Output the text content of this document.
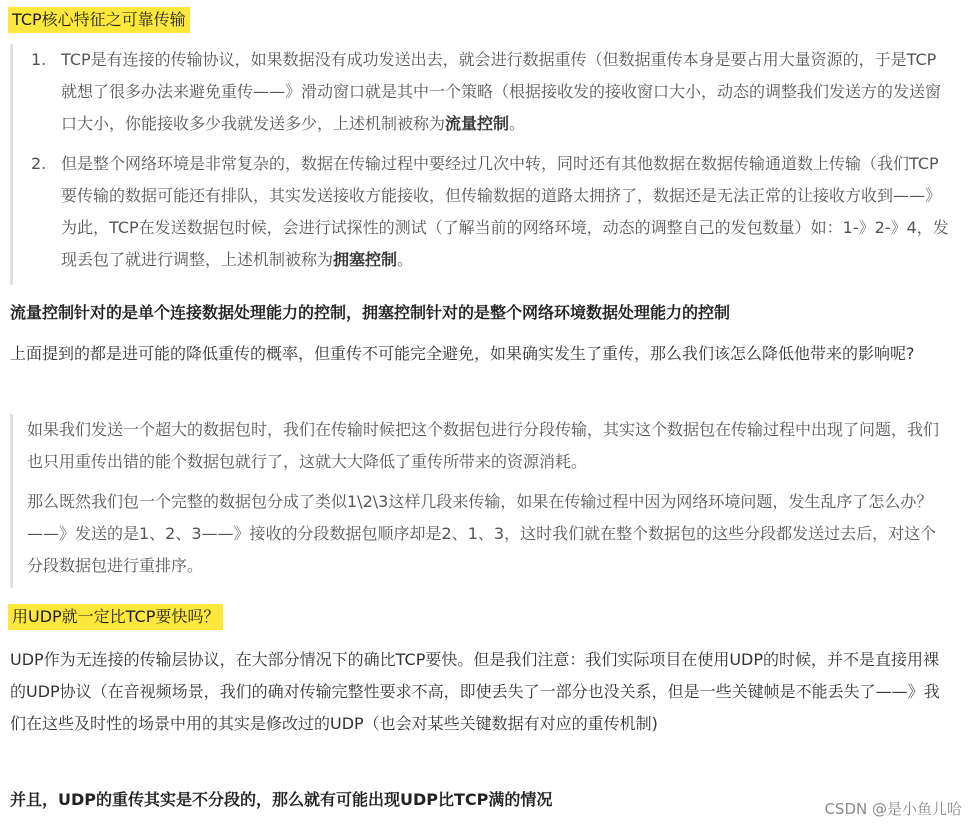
TCP核心特征之可靠传输
1. TCP是有连接的传输协议，如果数据没有成功发送出去，就会进行数据重传（但数据重传本身是要占用大量资源的，于是TCP就想了很多办法来避免重传——》滑动窗口就是其中一个策略（根据接收发的接收窗口大小，动态的调整我们发送方的发送窗口大小，你能接收多少我就发送多少，上述机制被称为流量控制。
2. 但是整个网络环境是非常复杂的，数据在传输过程中要经过几次中转，同时还有其他数据在数据传输通道数上传输（我们TCP要传输的数据可能还有排队，其实发送接收方能接收，但传输数据的道路太拥挤了，数据还是无法正常的让接收方收到——》为此，TCP在发送数据包时候，会进行试探性的测试（了解当前的网络环境，动态的调整自己的发包数量）如：1-》2-》4，发现丢包了就进行调整，上述机制被称为拥塞控制。
流量控制针对的是单个连接数据处理能力的控制，拥塞控制针对的是整个网络环境数据处理能力的控制
上面提到的都是进可能的降低重传的概率，但重传不可能完全避免，如果确实发生了重传，那么我们该怎么降低他带来的影响呢?

如果我们发送一个超大的数据包时，我们在传输时候把这个数据包进行分段传输，其实这个数据包在传输过程中出现了问题，我们也只用重传出错的能个数据包就行了，这就大大降低了重传所带来的资源消耗。

那么既然我们包一个完整的数据包分成了类似1\2\3这样几段来传输，如果在传输过程中因为网络环境问题，发生乱序了怎么办？——》发送的是1、2、3——》接收的分段数据包顺序却是2、1、3，这时我们就在整个数据包的这些分段都发送过去后，对这个分段数据包进行重排序。

用UDP就一定比TCP要快吗？
UDP作为无连接的传输层协议，在大部分情况下的确比TCP要快。但是我们注意：我们实际项目在使用UDP的时候，并不是直接用裸的UDP协议（在音视频场景，我们的确对传输完整性要求不高，即使丢失了一部分也没关系，但是一些关键帧是不能丢失了——》我们在这些及时性的场景中用的其实是修改过的UDP（也会对某些关键数据有对应的重传机制)
并且，UDP的重传其实是不分段的，那么就有可能出现UDP比TCP满的情况	CSDN @是小鱼儿哈
